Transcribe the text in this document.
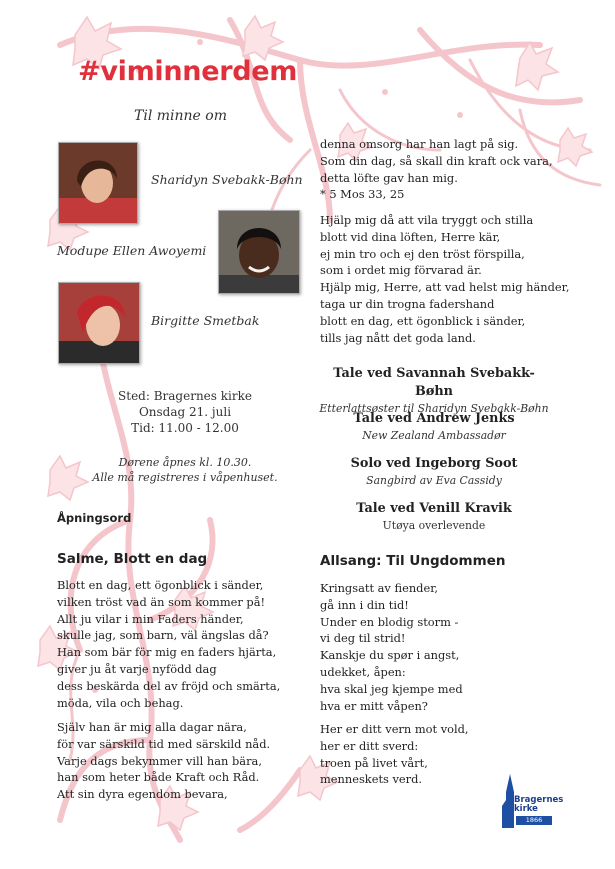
#viminnerdem
Til minne om
Sharidyn Svebakk-Bøhn
Modupe Ellen Awoyemi
Birgitte Smetbak
Sted: Bragernes kirke
Onsdag 21. juli
Tid: 11.00 - 12.00
Dørene åpnes kl. 10.30.
Alle må registreres i våpenhuset.
Åpningsord
Salme, Blott en dag
Blott en dag, ett ögonblick i sänder,
vilken tröst vad än som kommer på!
Allt ju vilar i min Faders händer,
skulle jag, som barn, väl ängslas då?
Han som bär för mig en faders hjärta,
giver ju åt varje nyfödd dag
dess beskärda del av fröjd och smärta,
möda, vila och behag.
Själv han är mig alla dagar nära,
för var särskild tid med särskild nåd.
Varje dags bekymmer vill han bära,
han som heter både Kraft och Råd.
Att sin dyra egendom bevara,
denna omsorg har han lagt på sig.
Som din dag, så skall din kraft ock vara,
detta löfte gav han mig.
* 5 Mos 33, 25
Hjälp mig då att vila tryggt och stilla
blott vid dina löften, Herre kär,
ej min tro och ej den tröst förspilla,
som i ordet mig förvarad är.
Hjälp mig, Herre, att vad helst mig händer,
taga ur din trogna fadershand
blott en dag, ett ögonblick i sänder,
tills jag nått det goda land.
Tale ved Savannah Svebakk-Bøhn
Etterlattsøster til Sharidyn Svebakk-Bøhn
Tale ved Andrew Jenks
New Zealand Ambassadør
Solo ved Ingeborg Soot
Sangbird av Eva Cassidy
Tale ved Venill Kravik
Utøya overlevende
Allsang: Til Ungdommen
Kringsatt av fiender,
gå inn i din tid!
Under en blodig storm -
vi deg til strid!
Kanskje du spør i angst,
udekket, åpen:
hva skal jeg kjempe med
hva er mitt våpen?
Her er ditt vern mot vold,
her er ditt sverd:
troen på livet vårt,
menneskets verd.
Bragernes
kirke
1866
